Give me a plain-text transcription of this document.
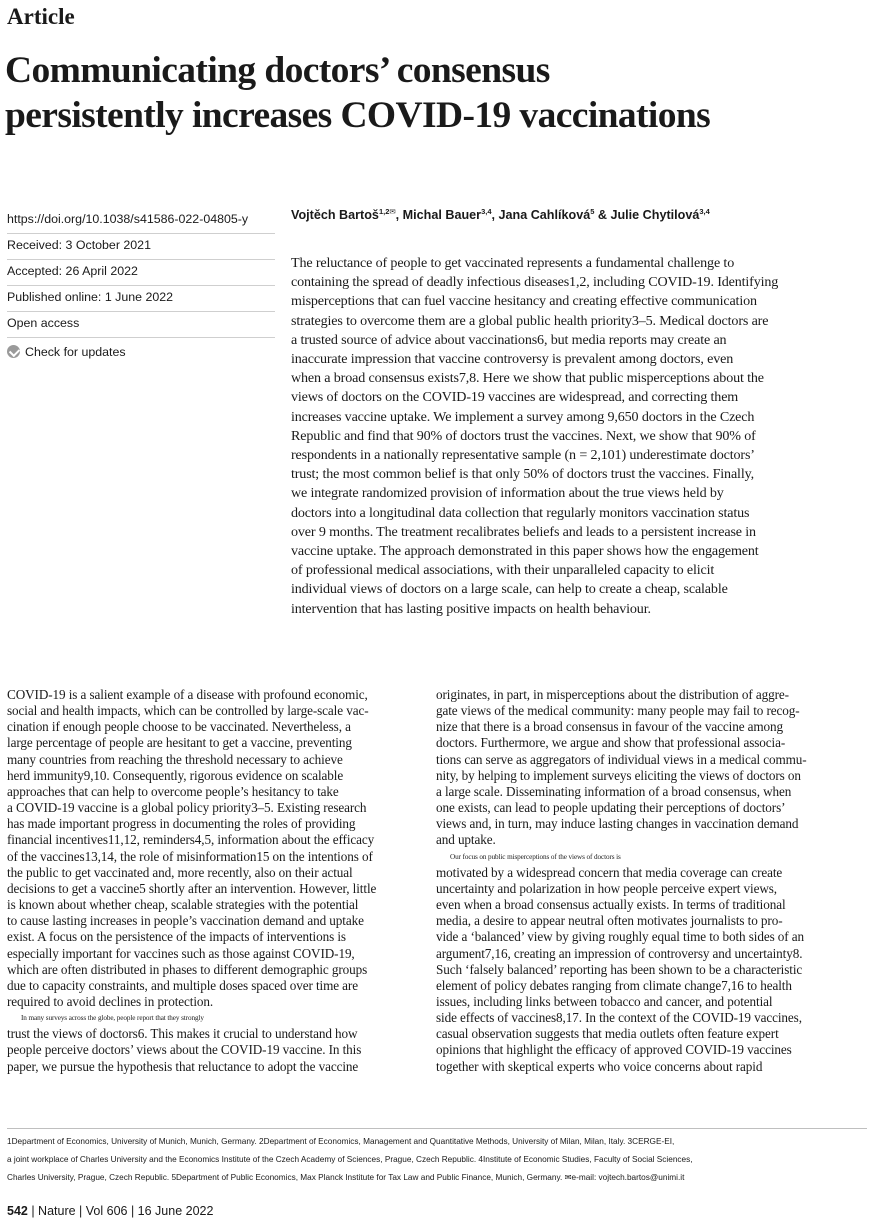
Article
Communicating doctors’ consensus
persistently increases COVID-19 vaccinations
https://doi.org/10.1038/s41586-022-04805-y
Received: 3 October 2021
Accepted: 26 April 2022
Published online: 1 June 2022
Open access
Check for updates
Vojtěch Bartoš$^{1,2✉}$, Michal Bauer$^{3,4}$, Jana Cahlíková$^5$ & Julie Chytilová$^{3,4}$

The reluctance of people to get vaccinated represents a fundamental challenge to

containing the spread of deadly infectious diseases1,2, including COVID-19. Identifying

misperceptions that can fuel vaccine hesitancy and creating effective communication

strategies to overcome them are a global public health priority3–5. Medical doctors are

a trusted source of advice about vaccinations6, but media reports may create an

inaccurate impression that vaccine controversy is prevalent among doctors, even

when a broad consensus exists7,8. Here we show that public misperceptions about the

views of doctors on the COVID-19 vaccines are widespread, and correcting them

increases vaccine uptake. We implement a survey among 9,650 doctors in the Czech

Republic and find that 90% of doctors trust the vaccines. Next, we show that 90% of

respondents in a nationally representative sample (n = 2,101) underestimate doctors’

trust; the most common belief is that only 50% of doctors trust the vaccines. Finally,

we integrate randomized provision of information about the true views held by

doctors into a longitudinal data collection that regularly monitors vaccination status

over 9 months. The treatment recalibrates beliefs and leads to a persistent increase in

vaccine uptake. The approach demonstrated in this paper shows how the engagement

of professional medical associations, with their unparalleled capacity to elicit

individual views of doctors on a large scale, can help to create a cheap, scalable

intervention that has lasting positive impacts on health behaviour.

COVID-19 is a salient example of a disease with profound economic,

social and health impacts, which can be controlled by large-scale vac-

cination if enough people choose to be vaccinated. Nevertheless, a

large percentage of people are hesitant to get a vaccine, preventing

many countries from reaching the threshold necessary to achieve

herd immunity9,10. Consequently, rigorous evidence on scalable

approaches that can help to overcome people’s hesitancy to take

a COVID-19 vaccine is a global policy priority3–5. Existing research

has made important progress in documenting the roles of providing

financial incentives11,12, reminders4,5, information about the efficacy

of the vaccines13,14, the role of misinformation15 on the intentions of

the public to get vaccinated and, more recently, also on their actual

decisions to get a vaccine5 shortly after an intervention. However, little

is known about whether cheap, scalable strategies with the potential

to cause lasting increases in people’s vaccination demand and uptake

exist. A focus on the persistence of the impacts of interventions is

especially important for vaccines such as those against COVID-19,

which are often distributed in phases to different demographic groups

due to capacity constraints, and multiple doses spaced over time are

required to avoid declines in protection.

In many surveys across the globe, people report that they strongly

trust the views of doctors6. This makes it crucial to understand how

people perceive doctors’ views about the COVID-19 vaccine. In this

paper, we pursue the hypothesis that reluctance to adopt the vaccine

originates, in part, in misperceptions about the distribution of aggre-

gate views of the medical community: many people may fail to recog-

nize that there is a broad consensus in favour of the vaccine among

doctors. Furthermore, we argue and show that professional associa-

tions can serve as aggregators of individual views in a medical commu-

nity, by helping to implement surveys eliciting the views of doctors on

a large scale. Disseminating information of a broad consensus, when

one exists, can lead to people updating their perceptions of doctors’

views and, in turn, may induce lasting changes in vaccination demand

and uptake.

Our focus on public misperceptions of the views of doctors is

motivated by a widespread concern that media coverage can create

uncertainty and polarization in how people perceive expert views,

even when a broad consensus actually exists. In terms of traditional

media, a desire to appear neutral often motivates journalists to pro-

vide a ‘balanced’ view by giving roughly equal time to both sides of an

argument7,16, creating an impression of controversy and uncertainty8.

Such ‘falsely balanced’ reporting has been shown to be a characteristic

element of policy debates ranging from climate change7,16 to health

issues, including links between tobacco and cancer, and potential

side effects of vaccines8,17. In the context of the COVID-19 vaccines,

casual observation suggests that media outlets often feature expert

opinions that highlight the efficacy of approved COVID-19 vaccines

together with skeptical experts who voice concerns about rapid

1Department of Economics, University of Munich, Munich, Germany. 2Department of Economics, Management and Quantitative Methods, University of Milan, Milan, Italy. 3CERGE-EI,

a joint workplace of Charles University and the Economics Institute of the Czech Academy of Sciences, Prague, Czech Republic. 4Institute of Economic Studies, Faculty of Social Sciences,

Charles University, Prague, Czech Republic. 5Department of Public Economics, Max Planck Institute for Tax Law and Public Finance, Munich, Germany. ✉e-mail: vojtech.bartos@unimi.it

542 | Nature | Vol 606 | 16 June 2022
